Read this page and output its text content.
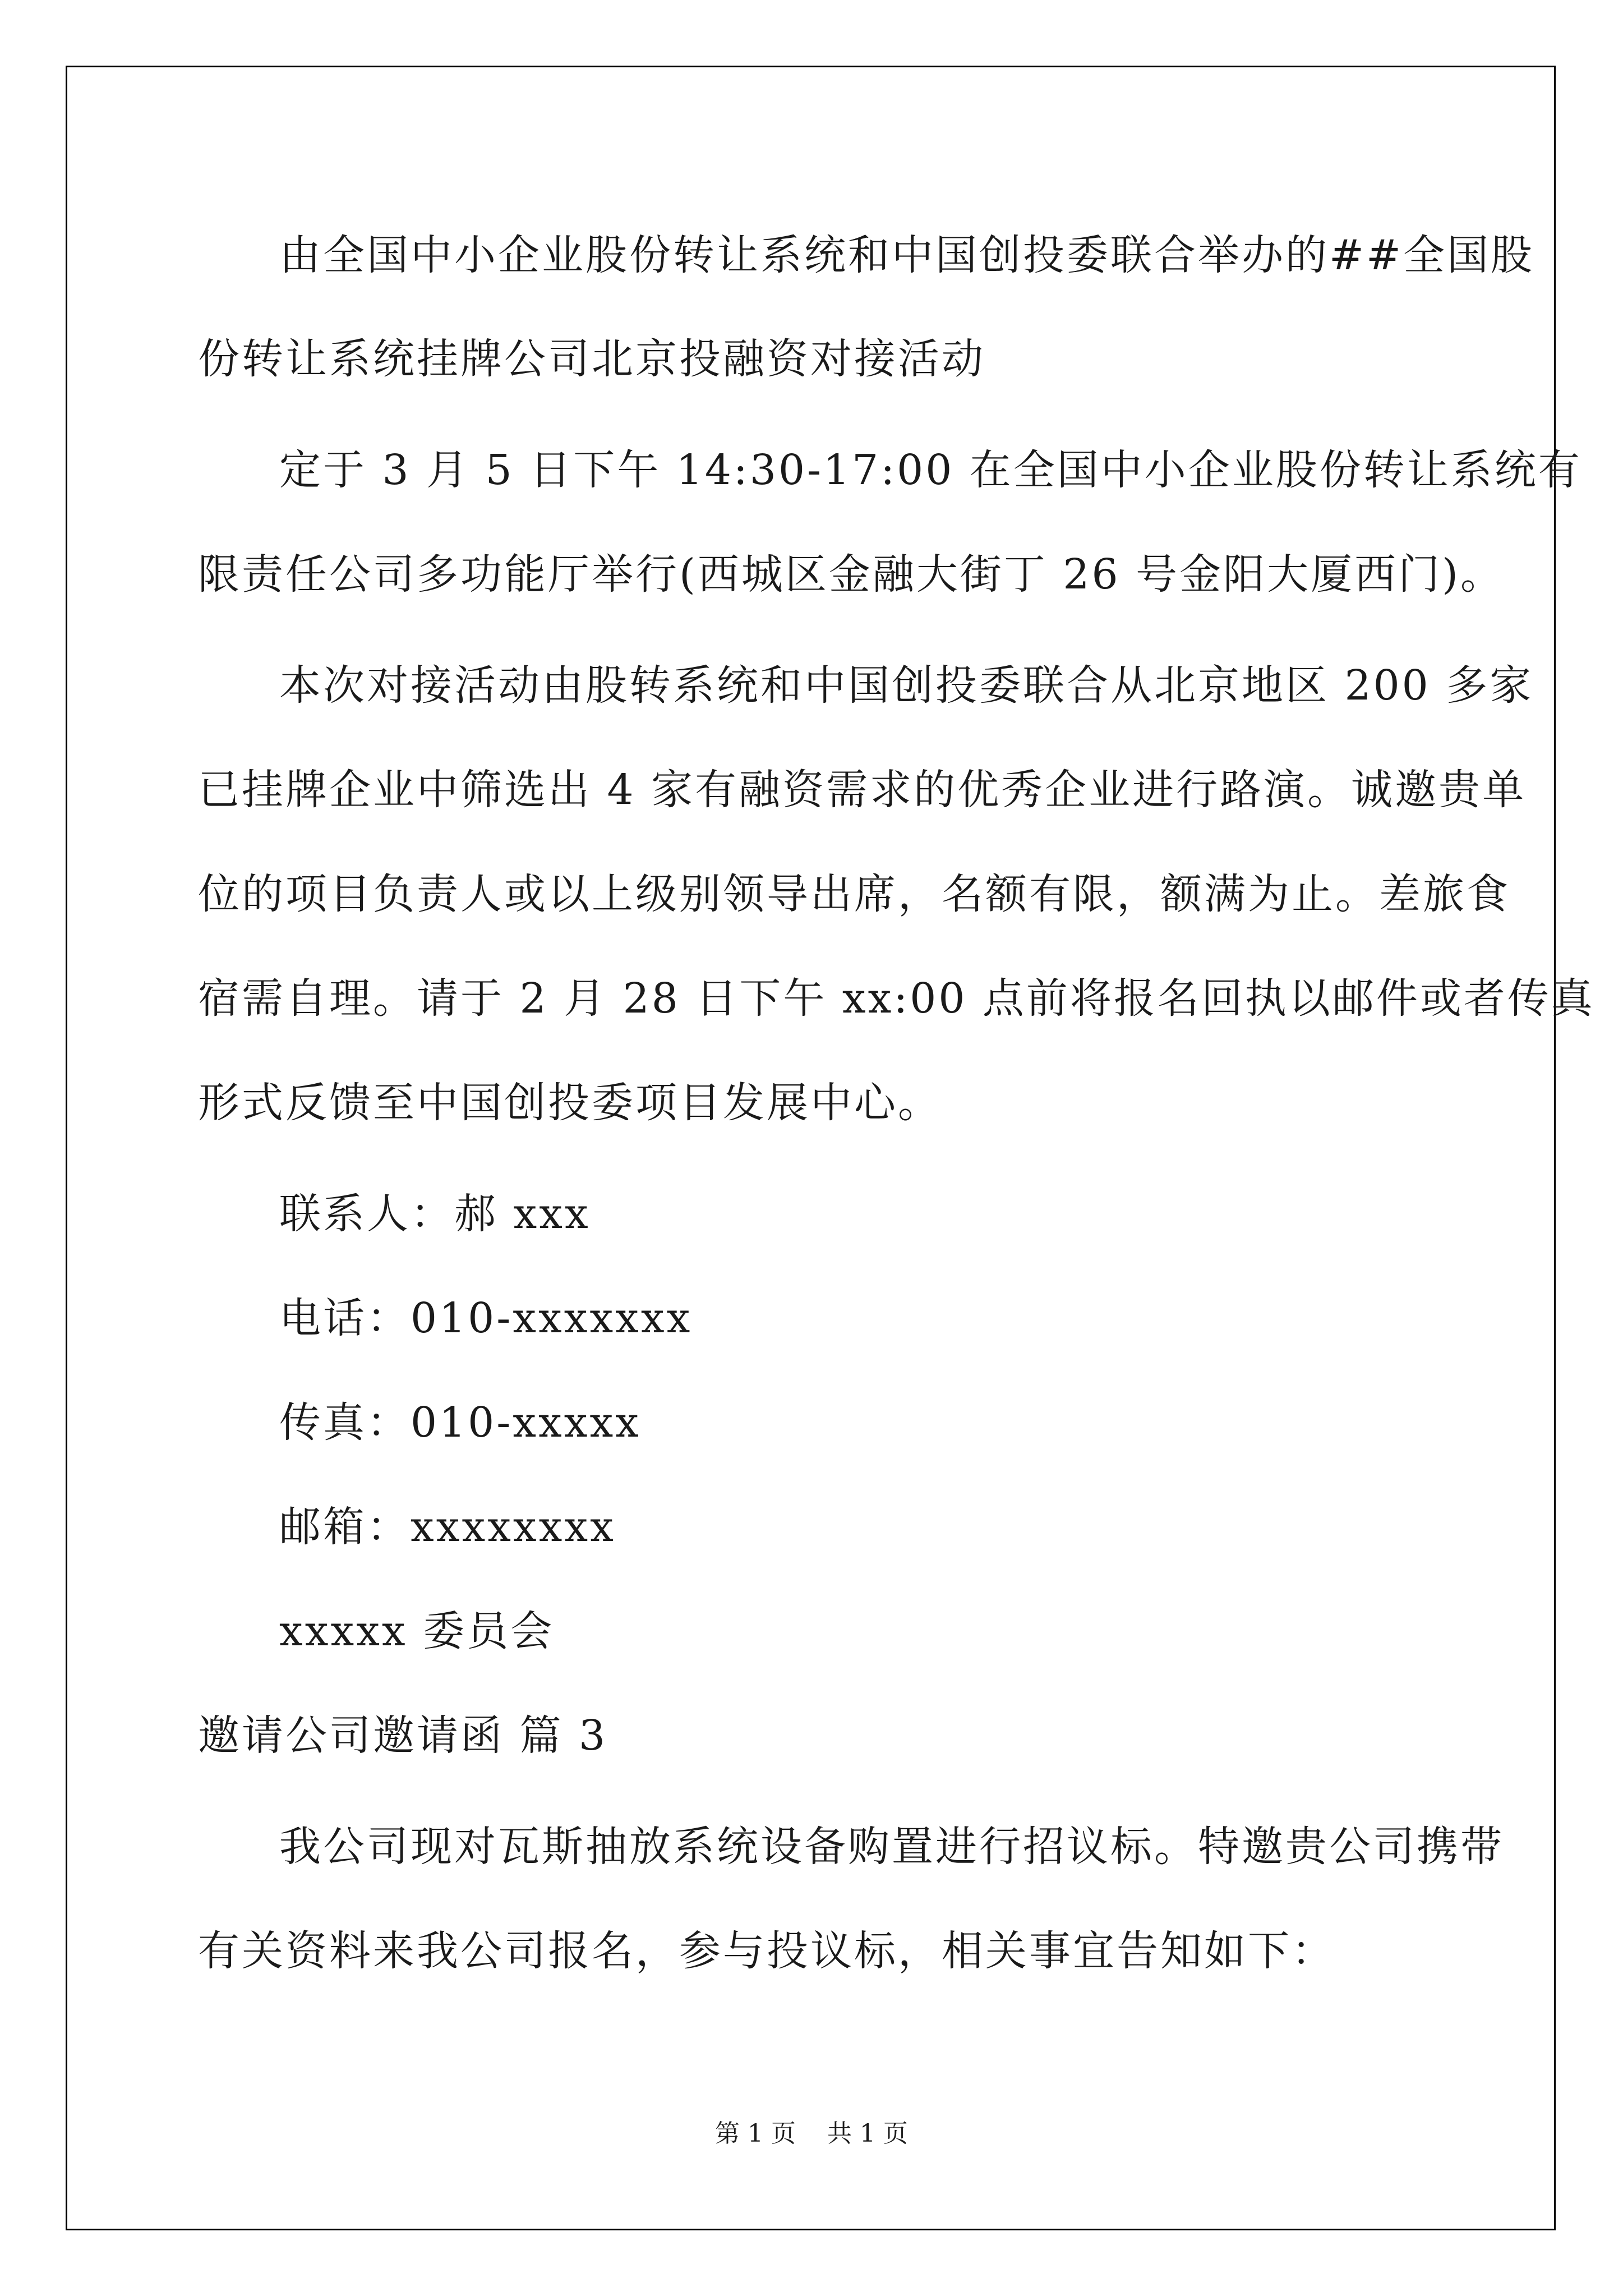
由全国中小企业股份转让系统和中国创投委联合举办的##全国股
份转让系统挂牌公司北京投融资对接活动
定于 3 月 5 日下午 14:30-17:00 在全国中小企业股份转让系统有
限责任公司多功能厅举行(西城区金融大街丁 26 号金阳大厦西门)。
本次对接活动由股转系统和中国创投委联合从北京地区 200 多家
已挂牌企业中筛选出 4 家有融资需求的优秀企业进行路演。诚邀贵单
位的项目负责人或以上级别领导出席，名额有限，额满为止。差旅食
宿需自理。请于 2 月 28 日下午 xx:00 点前将报名回执以邮件或者传真
形式反馈至中国创投委项目发展中心。
联系人：郝 xxx
电话：010-xxxxxxx
传真：010-xxxxx
邮箱：xxxxxxxx
xxxxx 委员会
邀请公司邀请函 篇 3
我公司现对瓦斯抽放系统设备购置进行招议标。特邀贵公司携带
有关资料来我公司报名，参与投议标，相关事宜告知如下：
第 1 页    共 1 页
